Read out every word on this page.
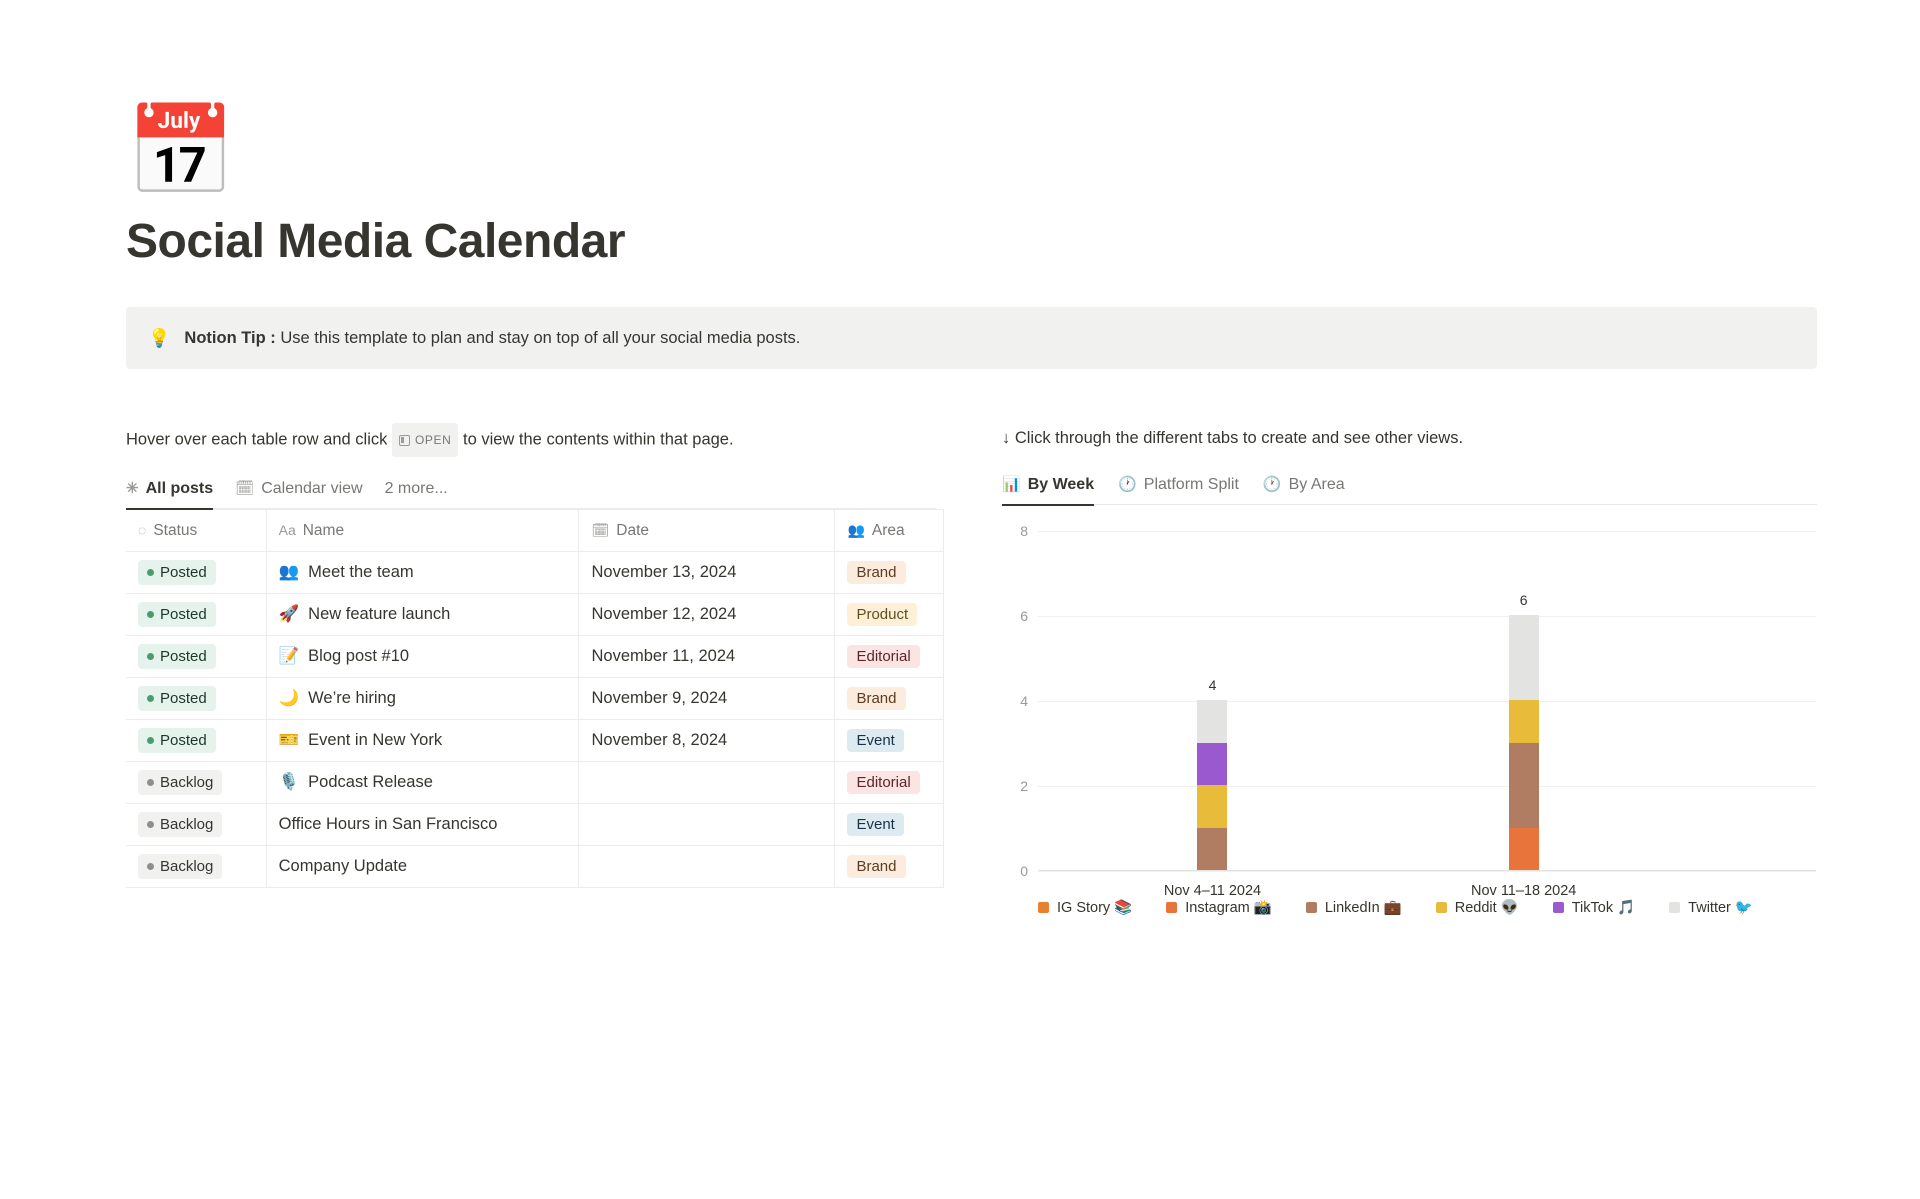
📅
Social Media Calendar
💡 Notion Tip : Use this template to plan and stay on top of all your social media posts.
Hover over each table row and click OPEN to view the contents within that page.
✳ All posts 🗓 Calendar view 2 more...
◌ Status	Aa Name	🗓 Date	👥 Area

Posted	👥 Meet the team	November 13, 2024	Brand

Posted	🚀 New feature launch	November 12, 2024	Product

Posted	📝 Blog post #10	November 11, 2024	Editorial

Posted	🌙 We’re hiring	November 9, 2024	Brand

Posted	🎫 Event in New York	November 8, 2024	Event

Backlog	🎙️ Podcast Release		Editorial

Backlog	Office Hours in San Francisco		Event

Backlog	Company Update		Brand
↓ Click through the different tabs to create and see other views.
📊 By Week 🕐 Platform Split 🕐 By Area
0
2
4
6
8
4
Nov 4–11 2024
6
Nov 11–18 2024
IG Story 📚	Instagram 📸	LinkedIn 💼	Reddit 👽	TikTok 🎵	Twitter 🐦
